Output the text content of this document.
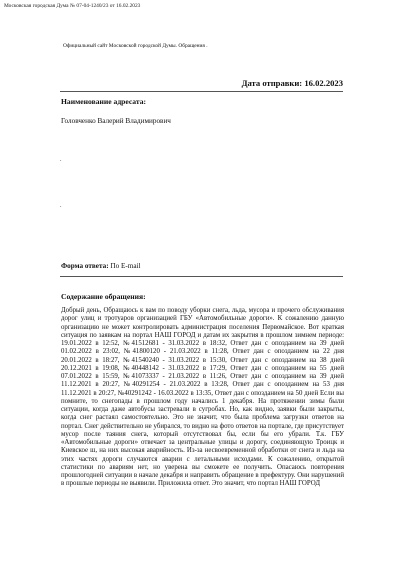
Московская городская Дума № 07-04-1240/23 от 16.02.2023
Официальный сайт Московской городской Думы. Обращения .
Дата отправки: 16.02.2023
Наименование адресата:
Головченко Валерий Владимирович
.
.
Форма ответа: По E-mail
Содержание обращения:

Добрый день, Обращаюсь к вам по поводу уборки снега, льда, мусора и прочего обслуживания дорог улиц и тротуаров организацией ГБУ «Автомобильные дороги». К сожалению данную организацию не может контролировать администрация поселения Первомайское. Вот краткая ситуация по заявкам на портал НАШ ГОРОД и датам их закрытия в прошлом зимнем периоде: 19.01.2022 в 12:52, №41512681 - 31.03.2022 в 18:32, Ответ дан с опозданием на 39 дней 01.02.2022 в 23:02, №41800120 - 21.03.2022 в 11:28, Ответ дан с опозданием на 22 дня 20.01.2022 в 18:27, №41540240 - 31.03.2022 в 15:30, Ответ дан с опозданием на 38 дней 20.12.2021 в 19:08, №40448142 - 31.03.2022 в 17:29, Ответ дан с опозданием на 55 дней 07.01.2022 в 15:59, №41073337 - 21.03.2022 в 11:26, Ответ дан с опозданием на 39 дней 11.12.2021 в 20:27, №40291254 - 21.03.2022 в 13:28, Ответ дан с опозданием на 53 дня 11.12.2021 в 20:27, №40291242 - 16.03.2022 в 13:35, Ответ дан с опозданием на 50 дней Если вы помните, то снегопады в прошлом году начались 1 декабря. На протяжении зимы были ситуации, когда даже автобусы застревали в сугробах. Но, как видно, заявки были закрыты, когда снег растаял самостоятельно. Это не значит, что была проблема загрузки ответов на портал. Снег действительно не убирался, то видно на фото ответов на портале, где присутствует мусор после таяния снега, который отсутствовал бы, если бы его убрали. Т.к. ГБУ «Автомобильные дороги» отвечает за центральные улицы и дорогу, соединяющую Троицк и Киевское ш, на них высокая аварийность. Из-за несвоевременной обработки от снега и льда на этих частях дороги случаются аварии с летальными исходами. К сожалению, открытой статистики по авариям нет, но уверена вы сможете ее получить. Опасаюсь повторения прошлогодней ситуации в начале декабря и направить обращение в префектуру. Они нарушений в прошлые периоды не выявили. Приложила ответ. Это значит, что портал НАШ ГОРОД
